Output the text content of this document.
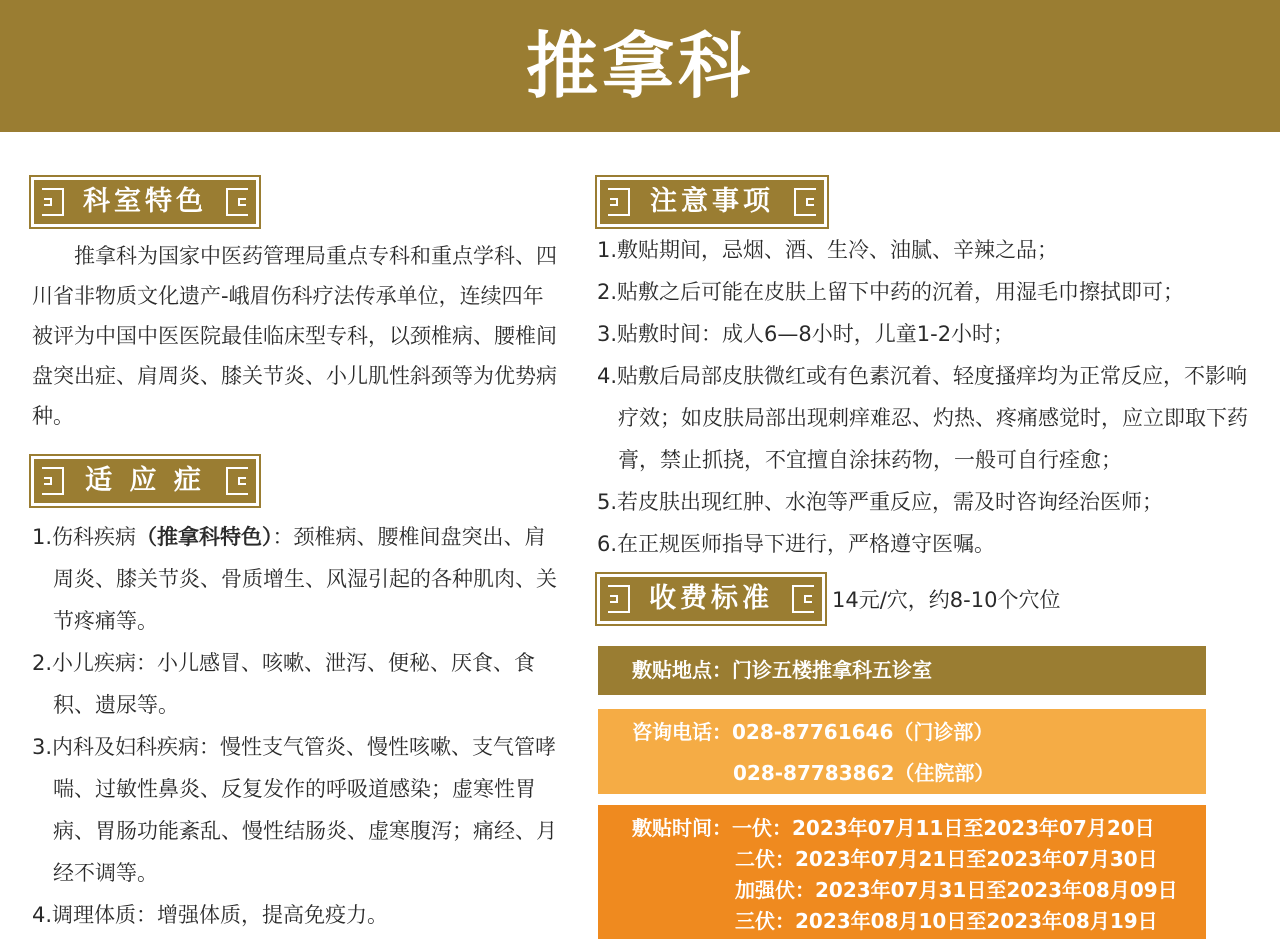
推拿科
科室特色

推拿科为国家中医药管理局重点专科和重点学科、四川省非物质文化遗产-峨眉伤科疗法传承单位，连续四年被评为中国中医医院最佳临床型专科，以颈椎病、腰椎间盘突出症、肩周炎、膝关节炎、小儿肌性斜颈等为优势病种。

适 应 症
1.伤科疾病（推拿科特色）：颈椎病、腰椎间盘突出、肩周炎、膝关节炎、骨质增生、风湿引起的各种肌肉、关节疼痛等。
2.小儿疾病：小儿感冒、咳嗽、泄泻、便秘、厌食、食积、遗尿等。
3.内科及妇科疾病：慢性支气管炎、慢性咳嗽、支气管哮喘、过敏性鼻炎、反复发作的呼吸道感染；虚寒性胃病、胃肠功能紊乱、慢性结肠炎、虚寒腹泻；痛经、月经不调等。
4.调理体质：增强体质，提高免疫力。
注意事项
1.敷贴期间，忌烟、酒、生冷、油腻、辛辣之品；
2.贴敷之后可能在皮肤上留下中药的沉着，用湿毛巾擦拭即可；
3.贴敷时间：成人6—8小时，儿童1-2小时；
4.贴敷后局部皮肤微红或有色素沉着、轻度搔痒均为正常反应，不影响疗效；如皮肤局部出现刺痒难忍、灼热、疼痛感觉时，应立即取下药膏，禁止抓挠，不宜擅自涂抹药物，一般可自行痊愈；
5.若皮肤出现红肿、水泡等严重反应，需及时咨询经治医师；
6.在正规医师指导下进行，严格遵守医嘱。
收费标准	14元/穴，约8-10个穴位
敷贴地点：门诊五楼推拿科五诊室
咨询电话：028-87761646（门诊部）
028-87783862（住院部）
敷贴时间：一伏：2023年07月11日至2023年07月20日
二伏：2023年07月21日至2023年07月30日
加强伏：2023年07月31日至2023年08月09日
三伏：2023年08月10日至2023年08月19日
